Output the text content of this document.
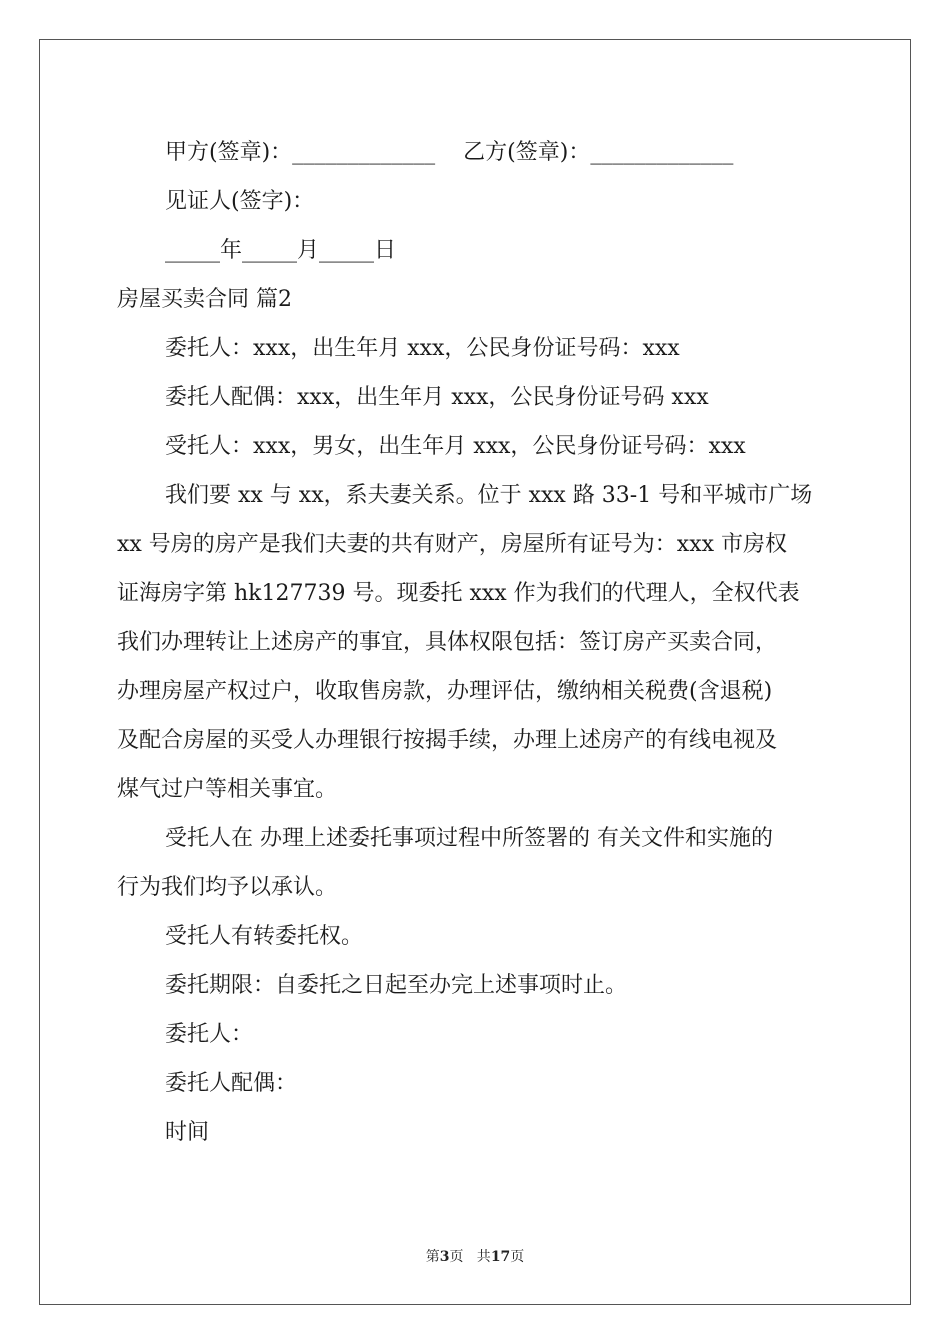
甲方(签章)：_____________ 乙方(签章)：_____________
见证人(签字)：
_____年_____月_____日
房屋买卖合同 篇2
委托人：xxx，出生年月 xxx，公民身份证号码：xxx
委托人配偶：xxx，出生年月 xxx，公民身份证号码 xxx
受托人：xxx，男女，出生年月 xxx，公民身份证号码：xxx
我们要 xx 与 xx，系夫妻关系。位于 xxx 路 33-1 号和平城市广场
xx 号房的房产是我们夫妻的共有财产，房屋所有证号为：xxx 市房权
证海房字第 hk127739 号。现委托 xxx 作为我们的代理人，全权代表
我们办理转让上述房产的事宜，具体权限包括：签订房产买卖合同，
办理房屋产权过户，收取售房款，办理评估，缴纳相关税费(含退税)
及配合房屋的买受人办理银行按揭手续，办理上述房产的有线电视及
煤气过户等相关事宜。
受托人在 办理上述委托事项过程中所签署的 有关文件和实施的
行为我们均予以承认。
受托人有转委托权。
委托期限：自委托之日起至办完上述事项时止。
委托人：
委托人配偶：
时间
第3页   共17页
